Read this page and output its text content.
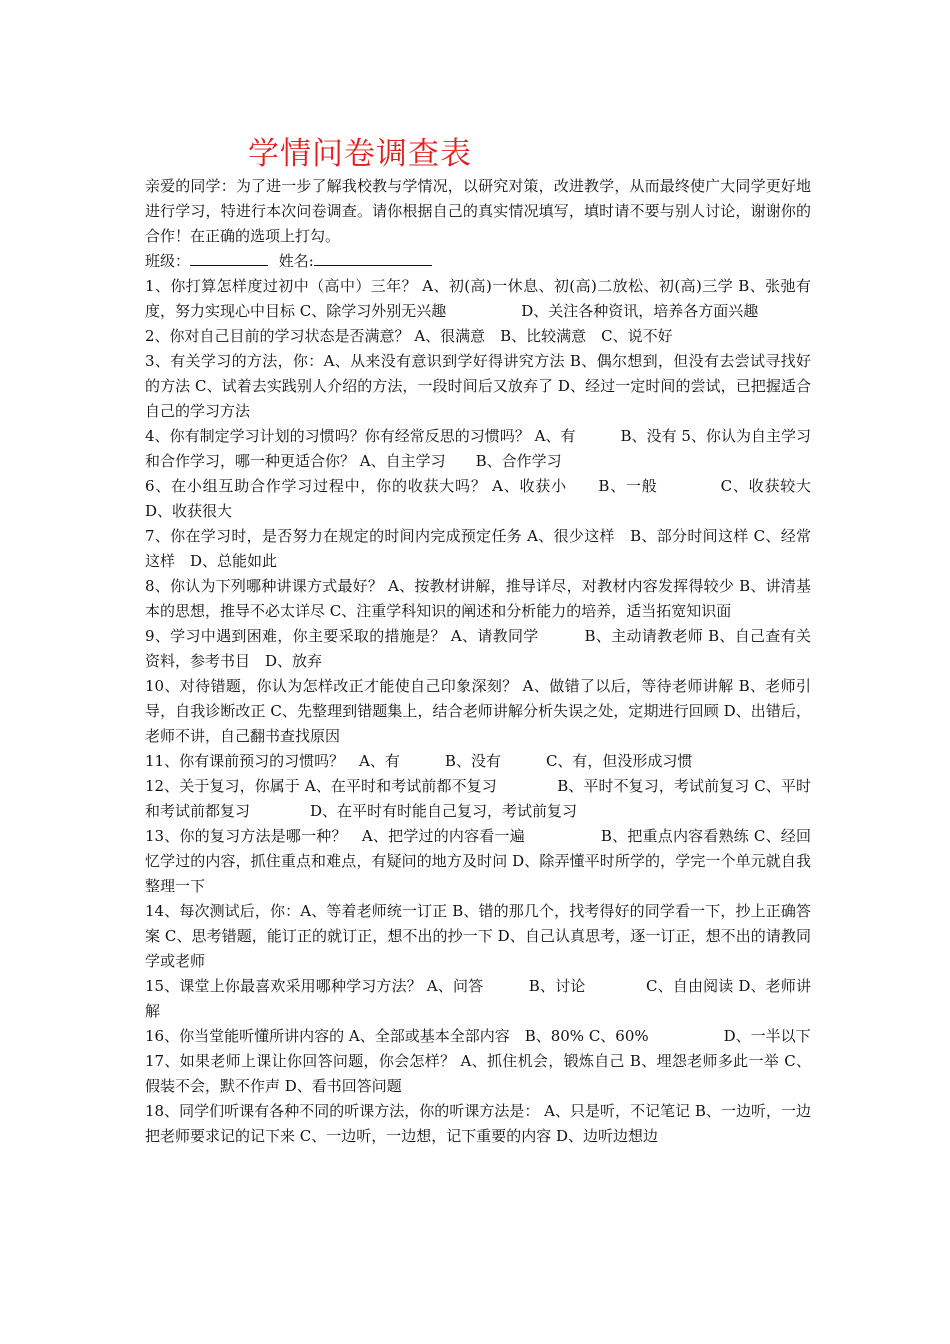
学情问卷调查表

亲爱的同学：为了进一步了解我校教与学情况，以研究对策，改进教学，从而最终使广大同学更好地进行学习，特进行本次问卷调查。请你根据自己的真实情况填写，填时请不要与别人讨论，谢谢你的合作！在正确的选项上打勾。

班级：	姓名:

1、你打算怎样度过初中（高中）三年？ A、初(高)一休息、初(高)二放松、初(高)三学 B、张弛有度，努力实现心中目标 C、除学习外别无兴趣　　　　　D、关注各种资讯，培养各方面兴趣

2、你对自己目前的学习状态是否满意？ A、很满意　B、比较满意　C、说不好

3、有关学习的方法，你：A、从来没有意识到学好得讲究方法 B、偶尔想到，但没有去尝试寻找好的方法 C、试着去实践别人介绍的方法，一段时间后又放弃了 D、经过一定时间的尝试，已把握适合自己的学习方法

4、你有制定学习计划的习惯吗？你有经常反思的习惯吗？ A、有　　　B、没有 5、你认为自主学习和合作学习，哪一种更适合你？ A、自主学习　　B、合作学习

6、在小组互助合作学习过程中，你的收获大吗？ A、收获小　　B、一般　　　　C、收获较大　　D、收获很大

7、你在学习时，是否努力在规定的时间内完成预定任务 A、很少这样　B、部分时间这样 C、经常这样　D、总能如此

8、你认为下列哪种讲课方式最好？ A、按教材讲解，推导详尽，对教材内容发挥得较少 B、讲清基本的思想，推导不必太详尽 C、注重学科知识的阐述和分析能力的培养，适当拓宽知识面

9、学习中遇到困难，你主要采取的措施是？ A、请教同学　　　B、主动请教老师 B、自己查有关资料，参考书目　D、放弃

10、对待错题，你认为怎样改正才能使自己印象深刻？ A、做错了以后，等待老师讲解 B、老师引导，自我诊断改正 C、先整理到错题集上，结合老师讲解分析失误之处，定期进行回顾 D、出错后，老师不讲，自己翻书查找原因

11、你有课前预习的习惯吗？　A、有　　　B、没有　　　C、有，但没形成习惯

12、关于复习，你属于 A、在平时和考试前都不复习　　　　B、平时不复习，考试前复习 C、平时和考试前都复习　　　　D、在平时有时能自己复习，考试前复习

13、你的复习方法是哪一种？　A、把学过的内容看一遍　　　　　B、把重点内容看熟练 C、经回忆学过的内容，抓住重点和难点，有疑问的地方及时问 D、除弄懂平时所学的，学完一个单元就自我整理一下

14、每次测试后，你：A、等着老师统一订正 B、错的那几个，找考得好的同学看一下，抄上正确答案 C、思考错题，能订正的就订正，想不出的抄一下 D、自己认真思考，逐一订正，想不出的请教同学或老师

15、课堂上你最喜欢采用哪种学习方法？ A、问答　　　B、讨论　　　　C、自由阅读 D、老师讲解

16、你当堂能听懂所讲内容的 A、全部或基本全部内容　B、80% C、60%　　　　　D、一半以下

17、如果老师上课让你回答问题，你会怎样？ A、抓住机会，锻炼自己 B、埋怨老师多此一举 C、假装不会，默不作声 D、看书回答问题

18、同学们听课有各种不同的听课方法，你的听课方法是： A、只是听，不记笔记 B、一边听，一边把老师要求记的记下来 C、一边听，一边想，记下重要的内容 D、边听边想边
